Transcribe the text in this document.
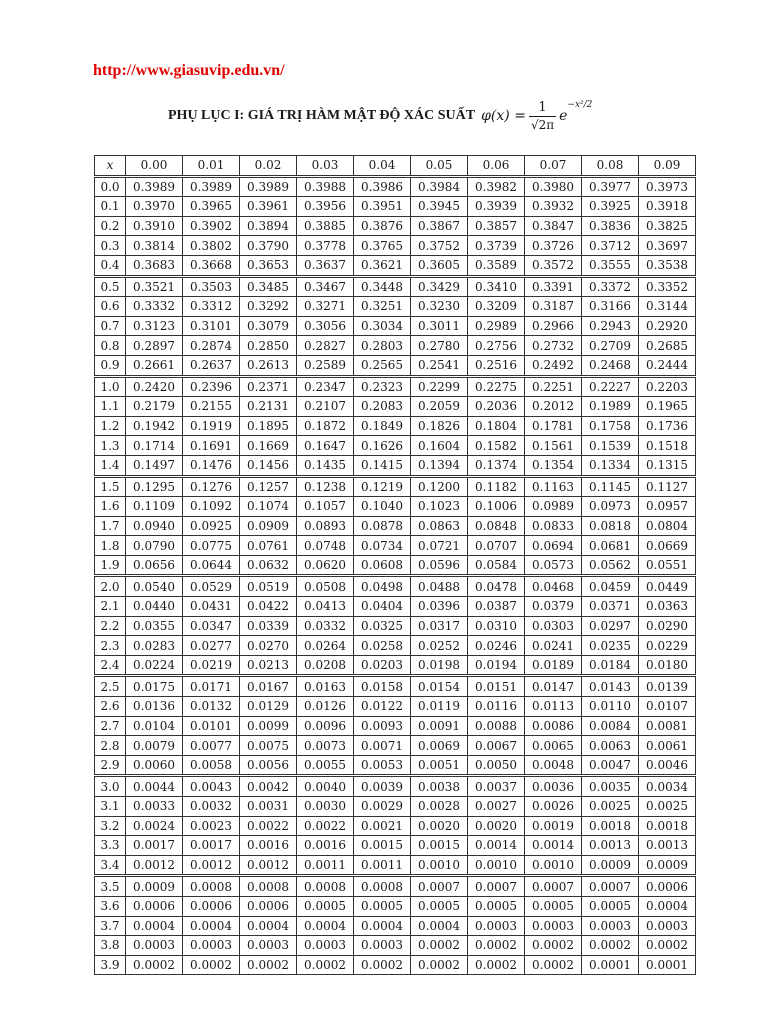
http://www.giasuvip.edu.vn/
PHỤ LỤC I: GIÁ TRỊ HÀM MẬT ĐỘ XÁC SUẤT $\varphi(x) = \frac{1}{√2\pi}$ e
−x²/2
x	0.00	0.01	0.02	0.03	0.04	0.05	0.06	0.07	0.08	0.09
0.0	0.3989	0.3989	0.3989	0.3988	0.3986	0.3984	0.3982	0.3980	0.3977	0.3973
0.1	0.3970	0.3965	0.3961	0.3956	0.3951	0.3945	0.3939	0.3932	0.3925	0.3918
0.2	0.3910	0.3902	0.3894	0.3885	0.3876	0.3867	0.3857	0.3847	0.3836	0.3825
0.3	0.3814	0.3802	0.3790	0.3778	0.3765	0.3752	0.3739	0.3726	0.3712	0.3697
0.4	0.3683	0.3668	0.3653	0.3637	0.3621	0.3605	0.3589	0.3572	0.3555	0.3538
0.5	0.3521	0.3503	0.3485	0.3467	0.3448	0.3429	0.3410	0.3391	0.3372	0.3352
0.6	0.3332	0.3312	0.3292	0.3271	0.3251	0.3230	0.3209	0.3187	0.3166	0.3144
0.7	0.3123	0.3101	0.3079	0.3056	0.3034	0.3011	0.2989	0.2966	0.2943	0.2920
0.8	0.2897	0.2874	0.2850	0.2827	0.2803	0.2780	0.2756	0.2732	0.2709	0.2685
0.9	0.2661	0.2637	0.2613	0.2589	0.2565	0.2541	0.2516	0.2492	0.2468	0.2444
1.0	0.2420	0.2396	0.2371	0.2347	0.2323	0.2299	0.2275	0.2251	0.2227	0.2203
1.1	0.2179	0.2155	0.2131	0.2107	0.2083	0.2059	0.2036	0.2012	0.1989	0.1965
1.2	0.1942	0.1919	0.1895	0.1872	0.1849	0.1826	0.1804	0.1781	0.1758	0.1736
1.3	0.1714	0.1691	0.1669	0.1647	0.1626	0.1604	0.1582	0.1561	0.1539	0.1518
1.4	0.1497	0.1476	0.1456	0.1435	0.1415	0.1394	0.1374	0.1354	0.1334	0.1315
1.5	0.1295	0.1276	0.1257	0.1238	0.1219	0.1200	0.1182	0.1163	0.1145	0.1127
1.6	0.1109	0.1092	0.1074	0.1057	0.1040	0.1023	0.1006	0.0989	0.0973	0.0957
1.7	0.0940	0.0925	0.0909	0.0893	0.0878	0.0863	0.0848	0.0833	0.0818	0.0804
1.8	0.0790	0.0775	0.0761	0.0748	0.0734	0.0721	0.0707	0.0694	0.0681	0.0669
1.9	0.0656	0.0644	0.0632	0.0620	0.0608	0.0596	0.0584	0.0573	0.0562	0.0551
2.0	0.0540	0.0529	0.0519	0.0508	0.0498	0.0488	0.0478	0.0468	0.0459	0.0449
2.1	0.0440	0.0431	0.0422	0.0413	0.0404	0.0396	0.0387	0.0379	0.0371	0.0363
2.2	0.0355	0.0347	0.0339	0.0332	0.0325	0.0317	0.0310	0.0303	0.0297	0.0290
2.3	0.0283	0.0277	0.0270	0.0264	0.0258	0.0252	0.0246	0.0241	0.0235	0.0229
2.4	0.0224	0.0219	0.0213	0.0208	0.0203	0.0198	0.0194	0.0189	0.0184	0.0180
2.5	0.0175	0.0171	0.0167	0.0163	0.0158	0.0154	0.0151	0.0147	0.0143	0.0139
2.6	0.0136	0.0132	0.0129	0.0126	0.0122	0.0119	0.0116	0.0113	0.0110	0.0107
2.7	0.0104	0.0101	0.0099	0.0096	0.0093	0.0091	0.0088	0.0086	0.0084	0.0081
2.8	0.0079	0.0077	0.0075	0.0073	0.0071	0.0069	0.0067	0.0065	0.0063	0.0061
2.9	0.0060	0.0058	0.0056	0.0055	0.0053	0.0051	0.0050	0.0048	0.0047	0.0046
3.0	0.0044	0.0043	0.0042	0.0040	0.0039	0.0038	0.0037	0.0036	0.0035	0.0034
3.1	0.0033	0.0032	0.0031	0.0030	0.0029	0.0028	0.0027	0.0026	0.0025	0.0025
3.2	0.0024	0.0023	0.0022	0.0022	0.0021	0.0020	0.0020	0.0019	0.0018	0.0018
3.3	0.0017	0.0017	0.0016	0.0016	0.0015	0.0015	0.0014	0.0014	0.0013	0.0013
3.4	0.0012	0.0012	0.0012	0.0011	0.0011	0.0010	0.0010	0.0010	0.0009	0.0009
3.5	0.0009	0.0008	0.0008	0.0008	0.0008	0.0007	0.0007	0.0007	0.0007	0.0006
3.6	0.0006	0.0006	0.0006	0.0005	0.0005	0.0005	0.0005	0.0005	0.0005	0.0004
3.7	0.0004	0.0004	0.0004	0.0004	0.0004	0.0004	0.0003	0.0003	0.0003	0.0003
3.8	0.0003	0.0003	0.0003	0.0003	0.0003	0.0002	0.0002	0.0002	0.0002	0.0002
3.9	0.0002	0.0002	0.0002	0.0002	0.0002	0.0002	0.0002	0.0002	0.0001	0.0001
